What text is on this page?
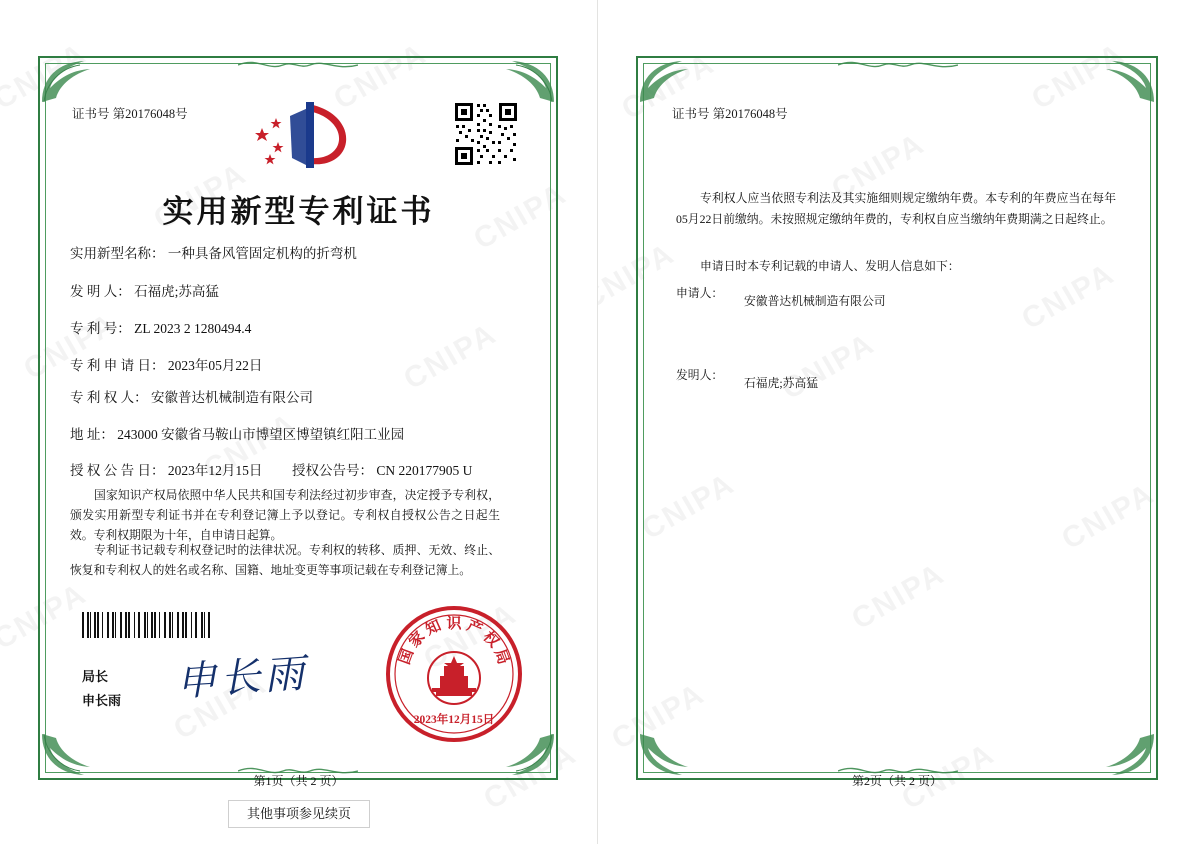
证书号 第20176048号
实用新型专利证书
实用新型名称： 一种具备风管固定机构的折弯机
发 明 人： 石福虎;苏高猛
专 利 号： ZL 2023 2 1280494.4
专 利 申 请 日： 2023年05月22日
专 利 权 人： 安徽普达机械制造有限公司
地 址： 243000 安徽省马鞍山市博望区博望镇红阳工业园
授 权 公 告 日： 2023年12月15日 授权公告号： CN 220177905 U
国家知识产权局依照中华人民共和国专利法经过初步审查，决定授予专利权，颁发实用新型专利证书并在专利登记簿上予以登记。专利权自授权公告之日起生效。专利权期限为十年，自申请日起算。
专利证书记载专利权登记时的法律状况。专利权的转移、质押、无效、终止、恢复和专利权人的姓名或名称、国籍、地址变更等事项记载在专利登记簿上。
局长
申长雨 申长雨	国
家
知 识 产
权
局
2023年12月15日
第1页（共 2 页）
其他事项参见续页
证书号 第20176048号
专利权人应当依照专利法及其实施细则规定缴纳年费。本专利的年费应当在每年05月22日前缴纳。未按照规定缴纳年费的，专利权自应当缴纳年费期满之日起终止。
申请日时本专利记载的申请人、发明人信息如下：
申请人：
安徽普达机械制造有限公司
发明人：
石福虎;苏高猛
第2页（共 2 页）
